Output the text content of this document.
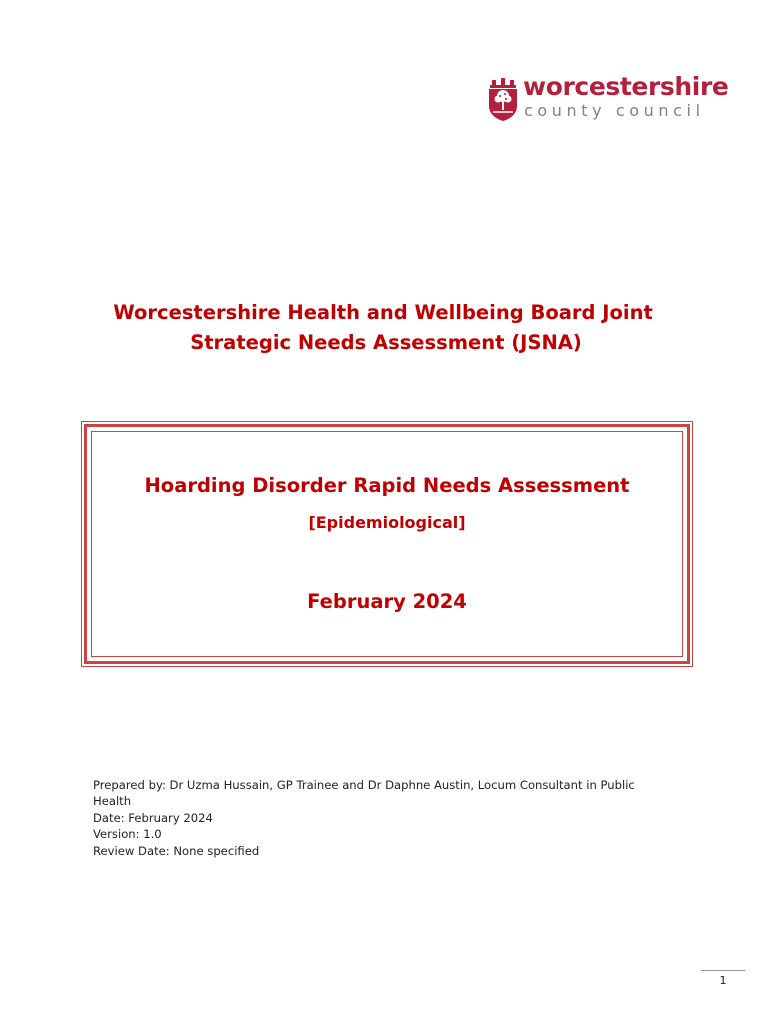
worcestershire
county council
Worcestershire Health and Wellbeing Board Joint
Strategic Needs Assessment (JSNA)
Hoarding Disorder Rapid Needs Assessment
[Epidemiological]
February 2024
Prepared by: Dr Uzma Hussain, GP Trainee and Dr Daphne Austin, Locum Consultant in Public
Health
Date: February 2024
Version: 1.0
Review Date: None specified
1
